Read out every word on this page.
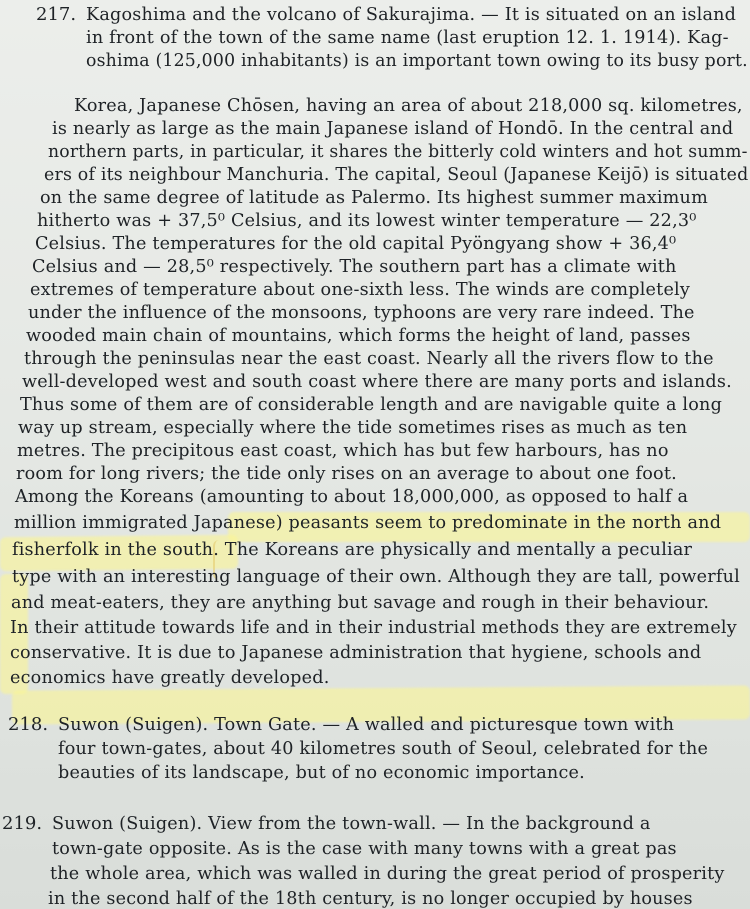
217. Kagoshima and the volcano of Sakurajima. — It is situated on an island
in front of the town of the same name (last eruption 12. 1. 1914). Kag-
oshima (125,000 inhabitants) is an important town owing to its busy port.
Korea, Japanese Chōsen, having an area of about 218,000 sq. kilometres,
is nearly as large as the main Japanese island of Hondō. In the central and
northern parts, in particular, it shares the bitterly cold winters and hot summ-
ers of its neighbour Manchuria. The capital, Seoul (Japanese Keijō) is situated
on the same degree of latitude as Palermo. Its highest summer maximum
hitherto was + 37,5⁰ Celsius, and its lowest winter temperature — 22,3⁰
Celsius. The temperatures for the old capital Pyöngyang show + 36,4⁰
Celsius and — 28,5⁰ respectively. The southern part has a climate with
extremes of temperature about one-sixth less. The winds are completely
under the influence of the monsoons, typhoons are very rare indeed. The
wooded main chain of mountains, which forms the height of land, passes
through the peninsulas near the east coast. Nearly all the rivers flow to the
well-developed west and south coast where there are many ports and islands.
Thus some of them are of considerable length and are navigable quite a long
way up stream, especially where the tide sometimes rises as much as ten
metres. The precipitous east coast, which has but few harbours, has no
room for long rivers; the tide only rises on an average to about one foot.
Among the Koreans (amounting to about 18,000,000, as opposed to half a
million immigrated Japanese) peasants seem to predominate in the north and
fisherfolk in the south. The Koreans are physically and mentally a peculiar
type with an interesting language of their own. Although they are tall, powerful
and meat-eaters, they are anything but savage and rough in their behaviour.
In their attitude towards life and in their industrial methods they are extremely
conservative. It is due to Japanese administration that hygiene, schools and
economics have greatly developed.
218. Suwon (Suigen). Town Gate. — A walled and picturesque town with
four town-gates, about 40 kilometres south of Seoul, celebrated for the
beauties of its landscape, but of no economic importance.
219. Suwon (Suigen). View from the town-wall. — In the background a
town-gate opposite. As is the case with many towns with a great pas
the whole area, which was walled in during the great period of prosperity
in the second half of the 18th century, is no longer occupied by houses
